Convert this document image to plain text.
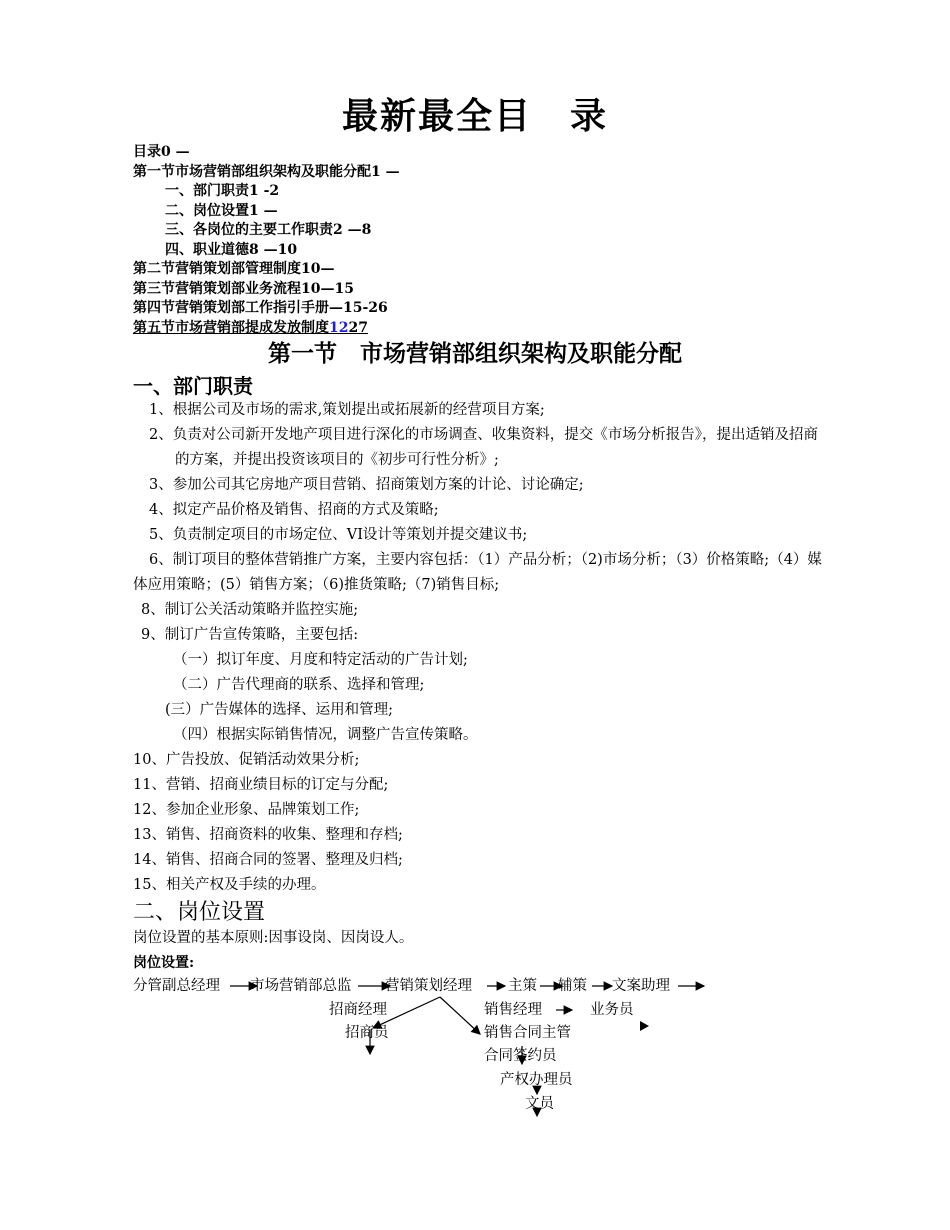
最新最全目　录
目录0 —
第一节市场营销部组织架构及职能分配1 —
一、部门职责1 -2
二、岗位设置1 —
三、各岗位的主要工作职责2 —8
四、职业道德8 —10
第二节营销策划部管理制度10—
第三节营销策划部业务流程10—15
第四节营销策划部工作指引手册—15-26
第五节市场营销部提成发放制度1227
第一节　市场营销部组织架构及职能分配
一、部门职责
1、根据公司及市场的需求,策划提出或拓展新的经营项目方案;
2、负责对公司新开发地产项目进行深化的市场调查、收集资料，提交《市场分析报告》，提出适销及招商的方案，并提出投资该项目的《初步可行性分析》;
3、参加公司其它房地产项目营销、招商策划方案的计论、讨论确定;
4、拟定产品价格及销售、招商的方式及策略;
5、负责制定项目的市场定位、VI设计等策划并提交建议书;
6、制订项目的整体营销推广方案，主要内容包括：（1）产品分析；（2)市场分析；（3）价格策略;（4）媒体应用策略；(5）销售方案；（6)推货策略;（7)销售目标;
8、制订公关活动策略并监控实施;
9、制订广告宣传策略，主要包括:
（一）拟订年度、月度和特定活动的广告计划;
（二）广告代理商的联系、选择和管理;
(三）广告媒体的选择、运用和管理;
（四）根据实际销售情况，调整广告宣传策略。
10、广告投放、促销活动效果分析;
11、营销、招商业绩目标的订定与分配;
12、参加企业形象、品牌策划工作;
13、销售、招商资料的收集、整理和存档;
14、销售、招商合同的签署、整理及归档;
15、相关产权及手续的办理。
二、岗位设置
岗位设置的基本原则:因事设岗、因岗设人。
岗位设置:
分管副总经理 市场营销部总监 营销策划经理 主策 辅策 文案助理
招商经理
招商员
销售经理	业务员
销售合同主管
合同签约员
产权办理员
文员
